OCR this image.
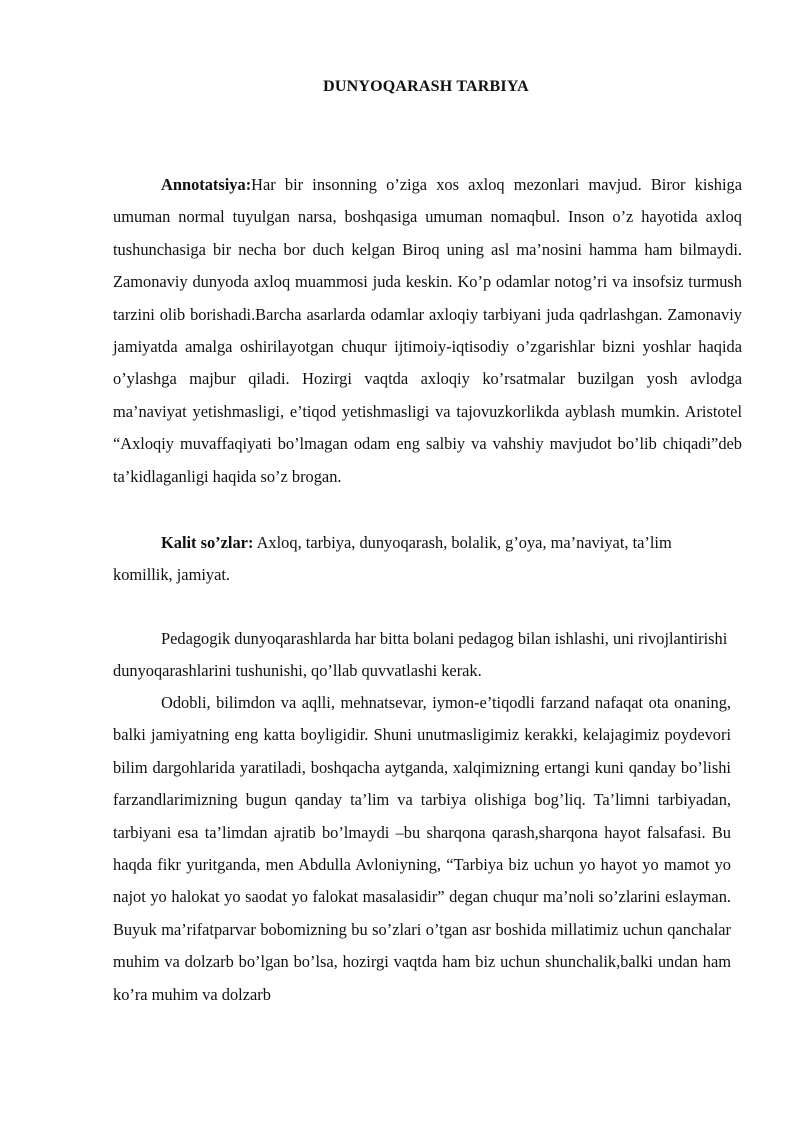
DUNYOQARASH TARBIYA

Annotatsiya:Har bir insonning o’ziga xos axloq mezonlari mavjud. Biror kishiga umuman normal tuyulgan narsa, boshqasiga umuman nomaqbul. Inson o’z hayotida axloq tushunchasiga bir necha bor duch kelgan Biroq uning asl ma’nosini hamma ham bilmaydi. Zamonaviy dunyoda axloq muammosi juda keskin. Ko’p odamlar notog’ri va insofsiz turmush tarzini olib borishadi.Barcha asarlarda odamlar axloqiy tarbiyani juda qadrlashgan. Zamonaviy jamiyatda amalga oshirilayotgan chuqur ijtimoiy-iqtisodiy o’zgarishlar bizni yoshlar haqida o’ylashga majbur qiladi. Hozirgi vaqtda axloqiy ko’rsatmalar buzilgan yosh avlodga ma’naviyat yetishmasligi, e’tiqod yetishmasligi va tajovuzkorlikda ayblash mumkin. Aristotel “Axloqiy muvaffaqiyati bo’lmagan odam eng salbiy va vahshiy mavjudot bo’lib chiqadi”deb ta’kidlaganligi haqida so’z brogan.

Kalit so’zlar: Axloq, tarbiya, dunyoqarash, bolalik, g’oya, ma’naviyat, ta’lim komillik, jamiyat.

Pedagogik dunyoqarashlarda har bitta bolani pedagog bilan ishlashi, uni rivojlantirishi dunyoqarashlarini tushunishi, qo’llab quvvatlashi kerak.

Odobli, bilimdon va aqlli, mehnatsevar, iymon-e’tiqodli farzand nafaqat ota onaning, balki jamiyatning eng katta boyligidir. Shuni unutmasligimiz kerakki, kelajagimiz poydevori bilim dargohlarida yaratiladi, boshqacha aytganda, xalqimizning ertangi kuni qanday bo’lishi farzandlarimizning bugun qanday ta’lim va tarbiya olishiga bog’liq. Ta’limni tarbiyadan, tarbiyani esa ta’limdan ajratib bo’lmaydi –bu sharqona qarash,sharqona hayot falsafasi. Bu haqda fikr yuritganda, men Abdulla Avloniyning, “Tarbiya biz uchun yo hayot yo mamot yo najot yo halokat yo saodat yo falokat masalasidir” degan chuqur ma’noli so’zlarini eslayman. Buyuk ma’rifatparvar bobomizning bu so’zlari o’tgan asr boshida millatimiz uchun qanchalar muhim va dolzarb bo’lgan bo’lsa, hozirgi vaqtda ham biz uchun shunchalik,balki undan ham ko’ra muhim va dolzarb
